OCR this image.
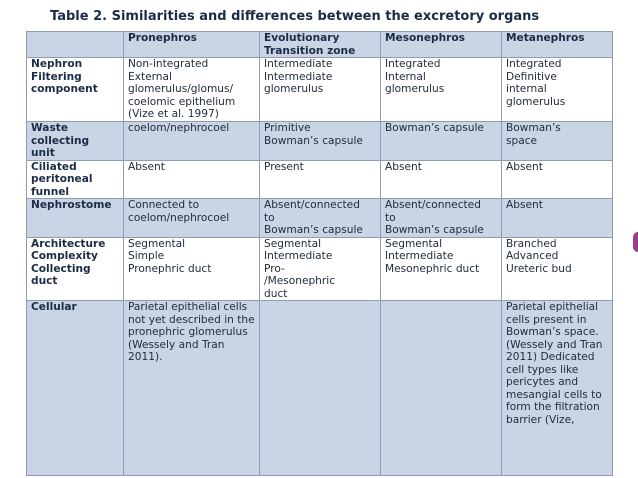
Table 2. Similarities and differences between the excretory organs

	Pronephros	Evolutionary Transition zone	Mesonephros	Metanephros

Nephron
Filtering
component	Non-integrated
External
glomerulus/glomus/
coelomic epithelium
(Vize et al. 1997)	Intermediate
Intermediate
glomerulus	Integrated
Internal
glomerulus	Integrated
Definitive
internal
glomerulus

Waste
collecting
unit	coelom/nephrocoel	Primitive
Bowman’s capsule	Bowman’s capsule	Bowman’s
space

Ciliated
peritoneal
funnel	Absent	Present	Absent	Absent

Nephrostome	Connected to
coelom/nephrocoel	Absent/connected
to
Bowman’s capsule	Absent/connected
to
Bowman’s capsule	Absent

Architecture
Complexity
Collecting
duct	Segmental
Simple
Pronephric duct	Segmental
Intermediate
Pro-
/Mesonephric
duct	Segmental
Intermediate
Mesonephric duct	Branched
Advanced
Ureteric bud

Cellular	Parietal epithelial cells not yet described in the pronephric glomerulus (Wessely and Tran 2011).			Parietal epithelial cells present in Bowman’s space. (Wessely and Tran 2011) Dedicated cell types like pericytes and mesangial cells to form the filtration barrier (Vize,
